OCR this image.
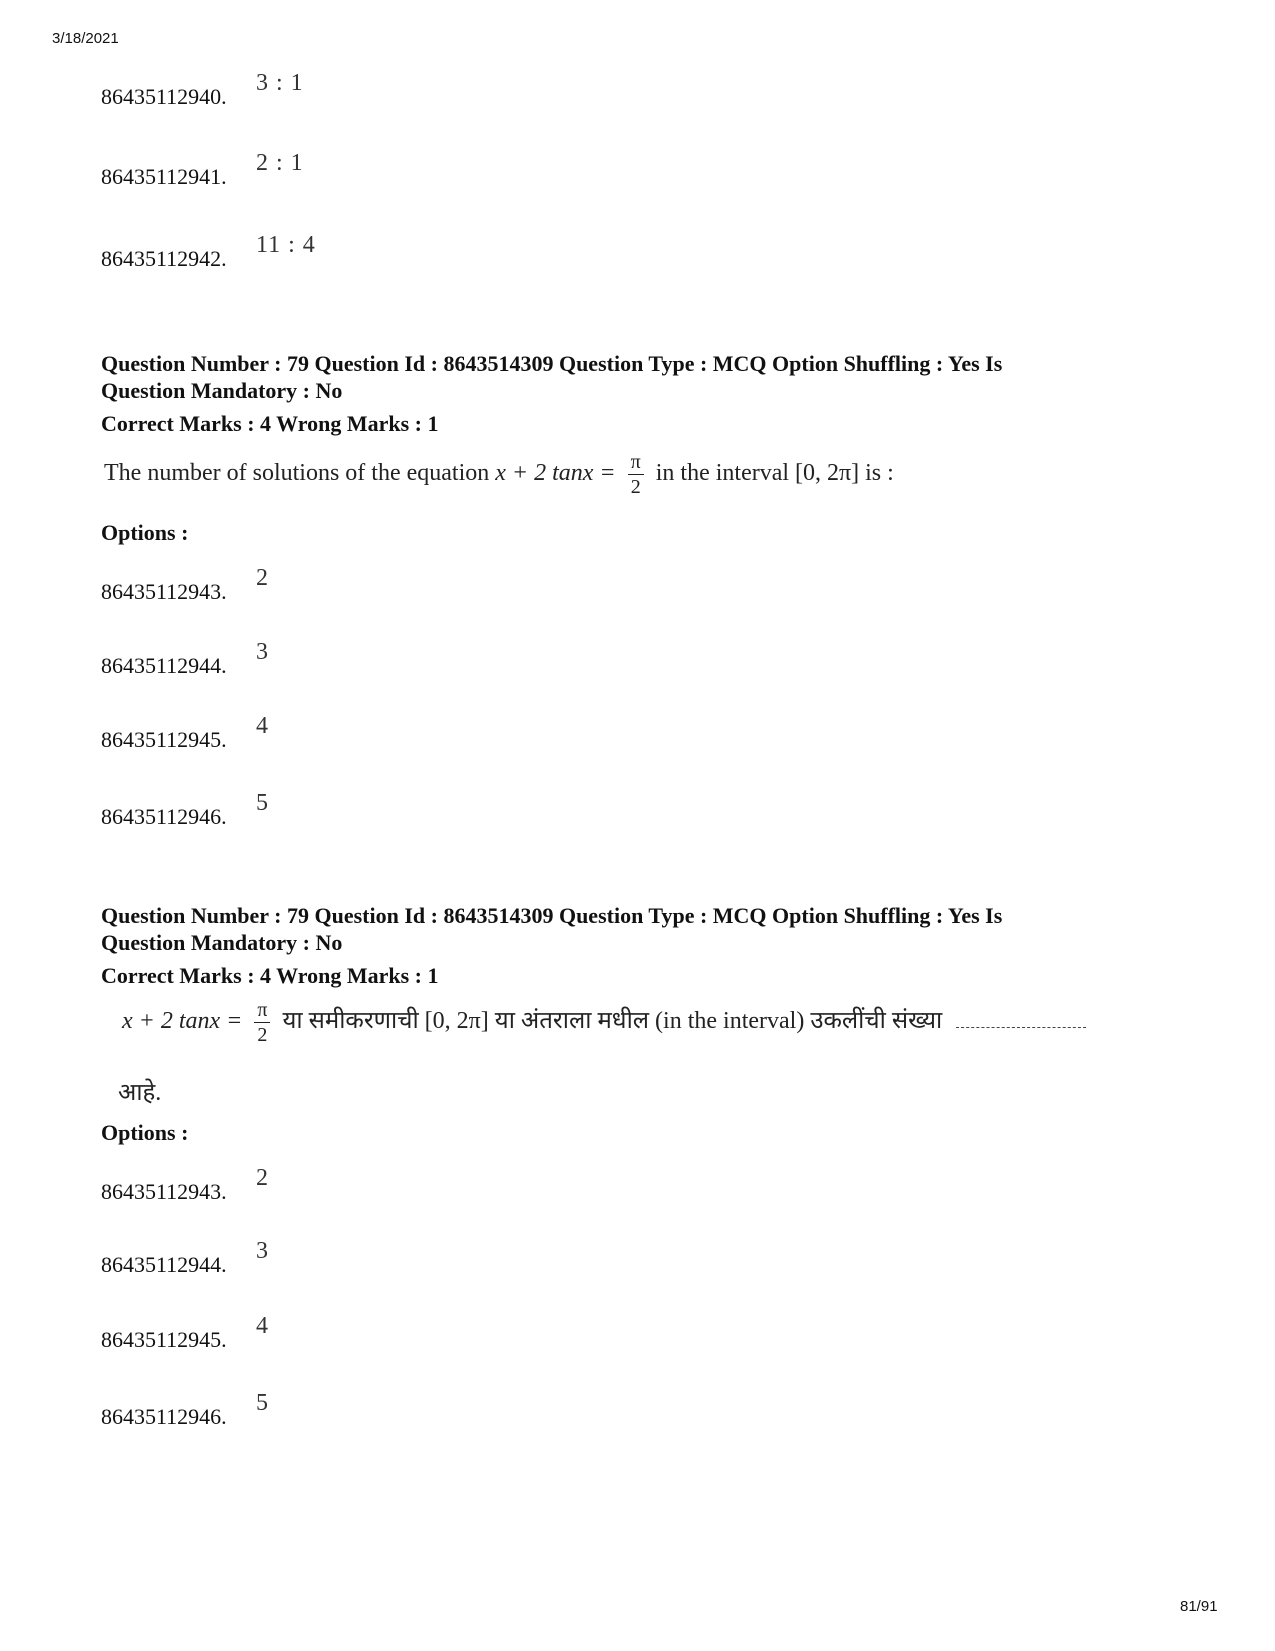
3/18/2021
86435112940.
3 : 1
86435112941.
2 : 1
86435112942.
11 : 4
Question Number : 79 Question Id : 8643514309 Question Type : MCQ Option Shuffling : Yes Is
Question Mandatory : No
Correct Marks : 4 Wrong Marks : 1
The number of solutions of the equation x + 2 $\tan x = \frac{\pi}{2}$ in the interval [0, 2π] is :
Options :
86435112943.
2
86435112944.
3
86435112945.
4
86435112946.
5
Question Number : 79 Question Id : 8643514309 Question Type : MCQ Option Shuffling : Yes Is
Question Mandatory : No
Correct Marks : 4 Wrong Marks : 1
x + 2 $\tan x = \frac{\pi}{2}$ या समीकरणाची [0, 2π] या अंतराला मधील (in the interval) उकलींची संख्या
आहे.
Options :
86435112943.
2
86435112944.
3
86435112945.
4
86435112946.
5
81/91
